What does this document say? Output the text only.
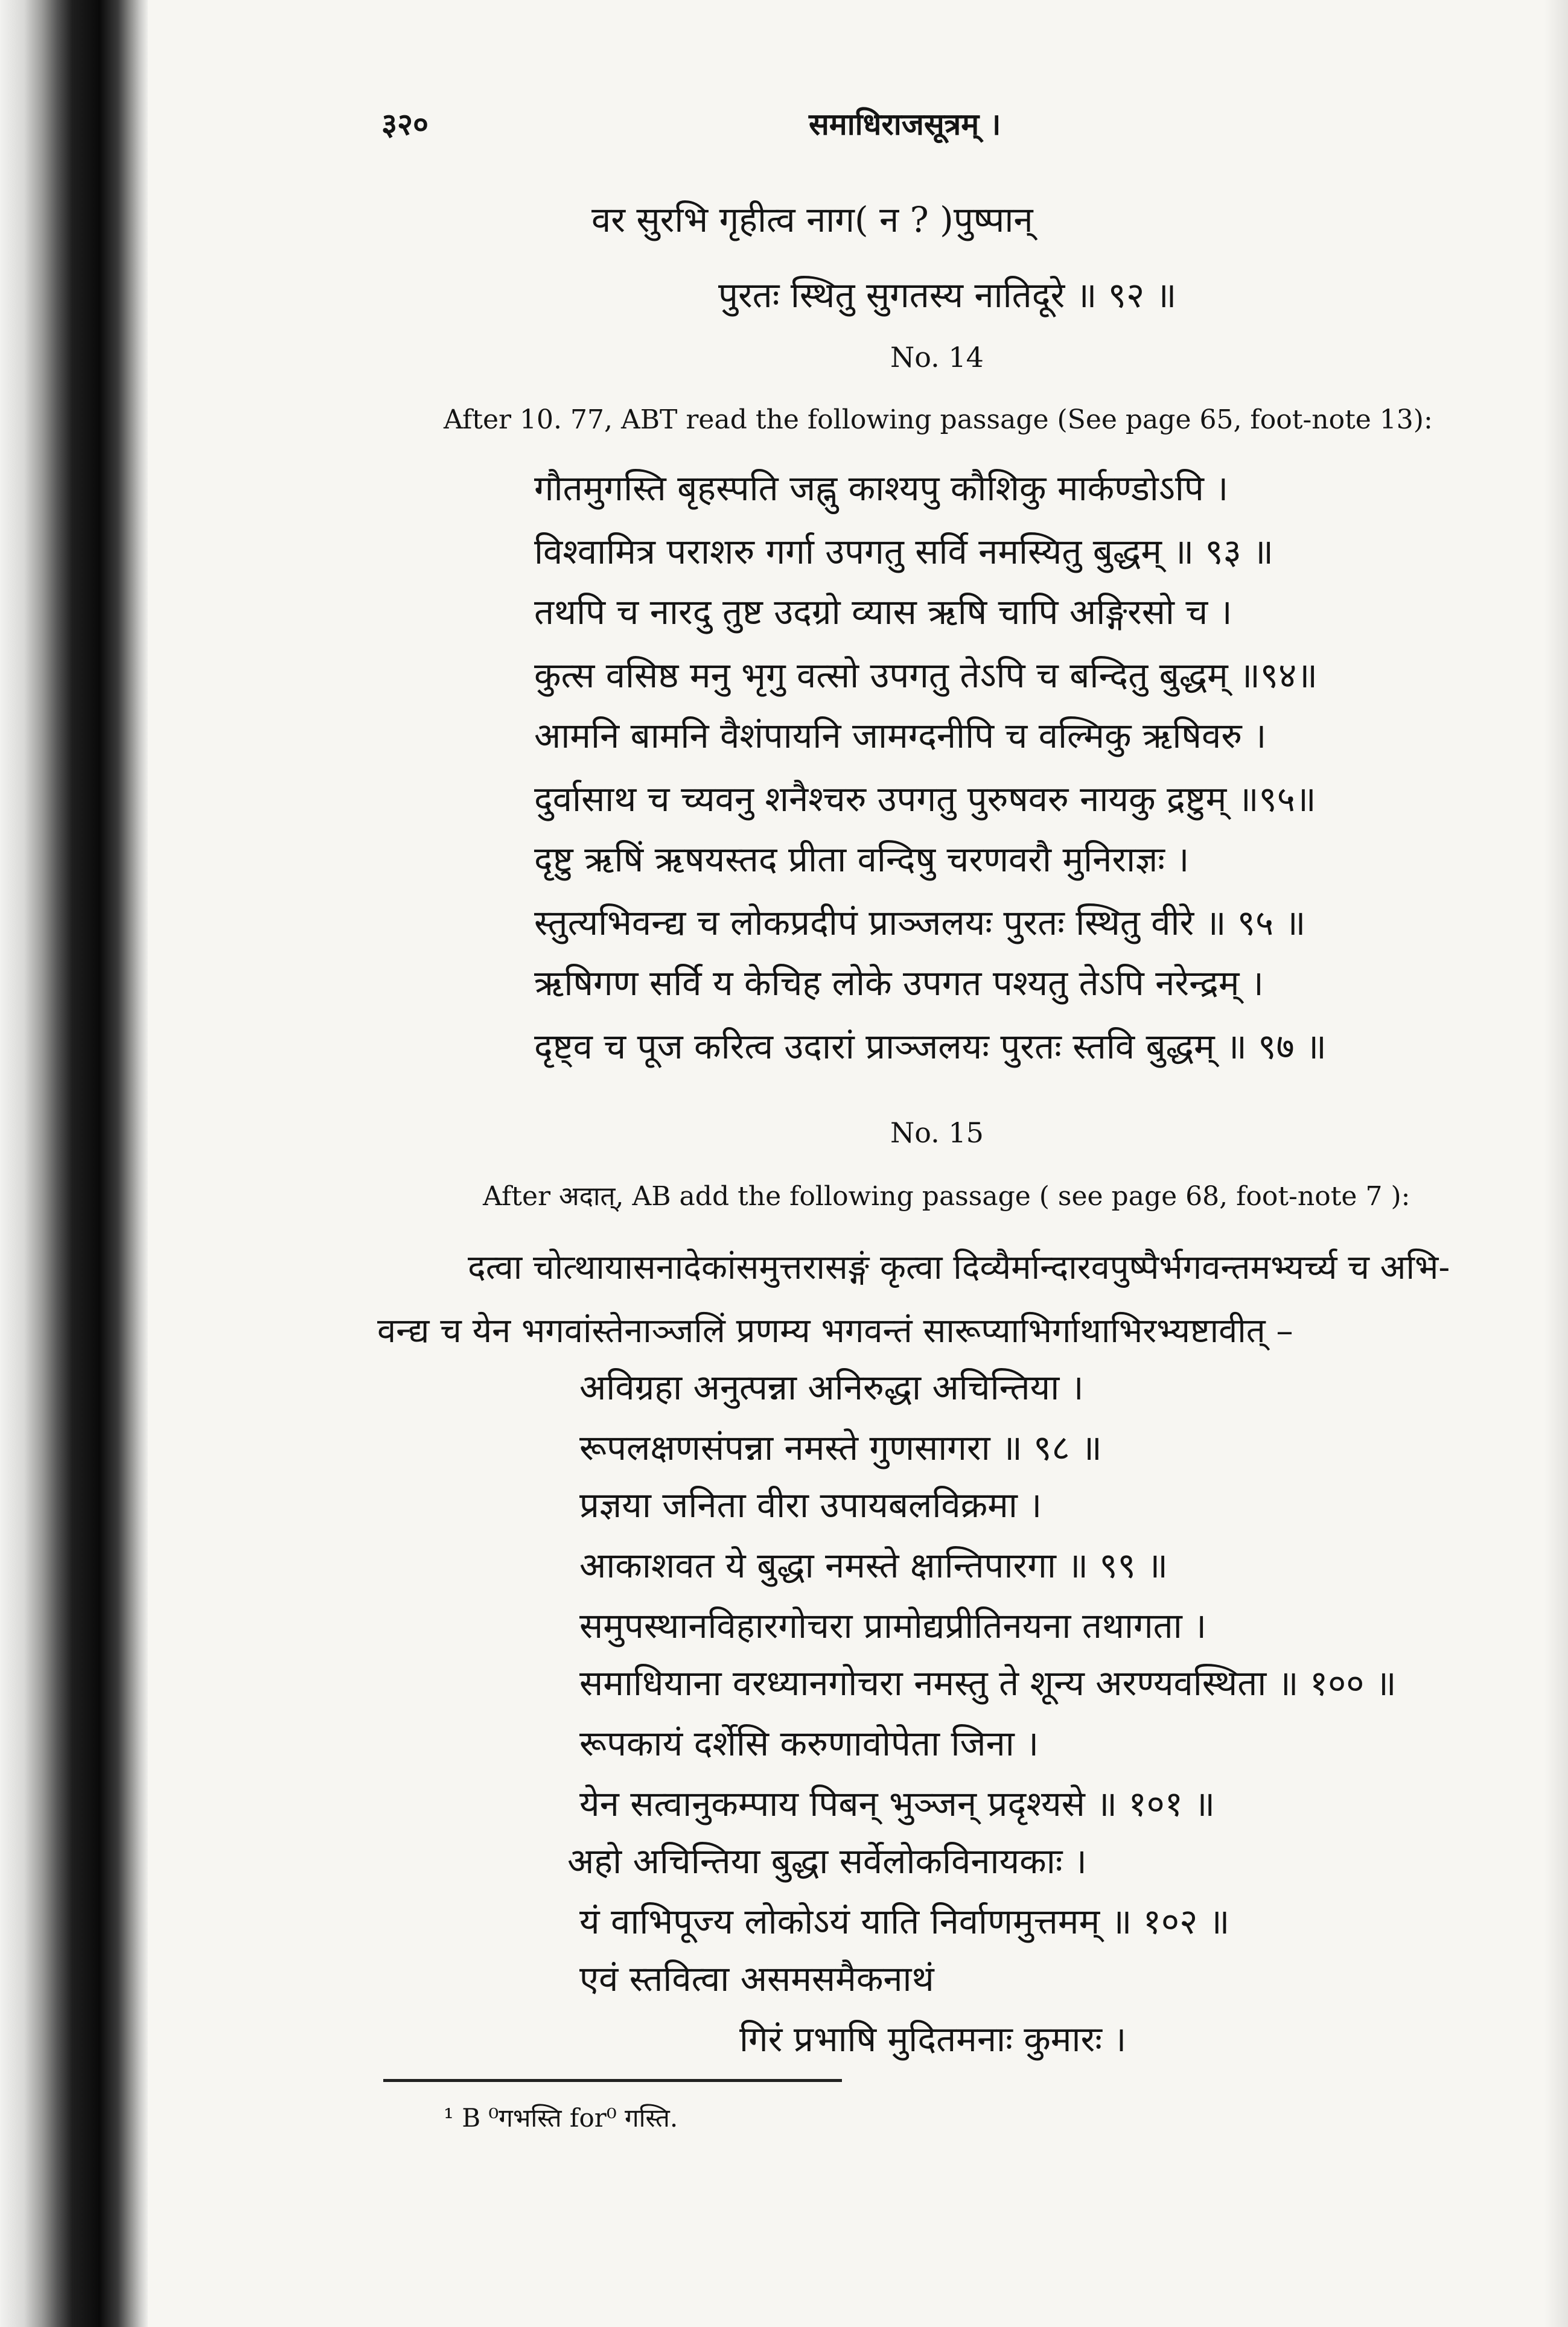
३२०	समाधिराजसूत्रम् ।
वर सुरभि गृहीत्व नाग( न ? )पुष्पान्
पुरतः स्थितु सुगतस्य नातिदूरे ॥ ९२ ॥
No. 14
After 10. 77, ABT read the following passage (See page 65, foot-note 13):
गौतमुगस्ति बृहस्पति जह्नु काश्यपु कौशिकु मार्कण्डोऽपि ।
विश्वामित्र पराशरु गर्गा उपगतु सर्वि नमस्यितु बुद्धम् ॥ ९३ ॥
तथपि च नारदु तुष्ट उदग्रो व्यास ऋषि चापि अङ्गिरसो च ।
कुत्स वसिष्ठ मनु भृगु वत्सो उपगतु तेऽपि च बन्दितु बुद्धम् ॥९४॥
आमनि बामनि वैशंपायनि जामग्दनीपि च वल्मिकु ऋषिवरु ।
दुर्वासाथ च च्यवनु शनैश्चरु उपगतु पुरुषवरु नायकु द्रष्टुम् ॥९५॥
दृष्टु ऋषिं ऋषयस्तद प्रीता वन्दिषु चरणवरौ मुनिराज्ञः ।
स्तुत्यभिवन्द्य च लोकप्रदीपं प्राञ्जलयः पुरतः स्थितु वीरे ॥ ९५ ॥
ऋषिगण सर्वि य केचिह लोके उपगत पश्यतु तेऽपि नरेन्द्रम् ।
दृष्ट्व च पूज करित्व उदारां प्राञ्जलयः पुरतः स्तवि बुद्धम् ॥ ९७ ॥
No. 15
After अदात्, AB add the following passage ( see page 68, foot-note 7 ):
दत्वा चोत्थायासनादेकांसमुत्तरासङ्गं कृत्वा दिव्यैर्मान्दारवपुष्पैर्भगवन्तमभ्यर्च्य च अभि-
वन्द्य च येन भगवांस्तेनाञ्जलिं प्रणम्य भगवन्तं सारूप्याभिर्गाथाभिरभ्यष्टावीत् –
अविग्रहा अनुत्पन्ना अनिरुद्धा अचिन्तिया ।
रूपलक्षणसंपन्ना नमस्ते गुणसागरा ॥ ९८ ॥
प्रज्ञया जनिता वीरा उपायबलविक्रमा ।
आकाशवत ये बुद्धा नमस्ते क्षान्तिपारगा ॥ ९९ ॥
समुपस्थानविहारगोचरा प्रामोद्यप्रीतिनयना तथागता ।
समाधियाना वरध्यानगोचरा नमस्तु ते शून्य अरण्यवस्थिता ॥ १०० ॥
रूपकायं दर्शेसि करुणावोपेता जिना ।
येन सत्वानुकम्पाय पिबन् भुञ्जन् प्रदृश्यसे ॥ १०१ ॥
अहो अचिन्तिया बुद्धा सर्वेलोकविनायकाः ।
यं वाभिपूज्य लोकोऽयं याति निर्वाणमुत्तमम् ॥ १०२ ॥
एवं स्तवित्वा असमसमैकनाथं
गिरं प्रभाषि मुदितमनाः कुमारः ।
¹ B ⁰गभस्ति for⁰ गस्ति.
